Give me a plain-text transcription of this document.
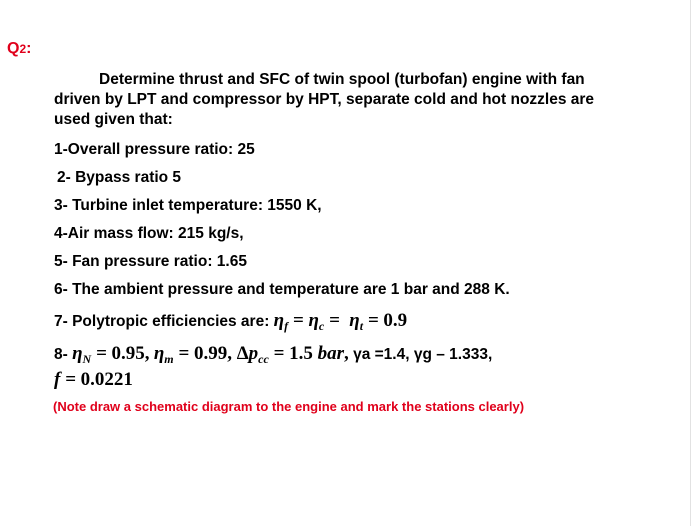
Q2:
Determine thrust and SFC of twin spool (turbofan) engine with fan
driven by LPT and compressor by HPT, separate cold and hot nozzles are
used given that:
1-Overall pressure ratio: 25
2- Bypass ratio 5
3- Turbine inlet temperature: 1550 K,
4-Air mass flow: 215 kg/s,
5- Fan pressure ratio: 1.65
6- The ambient pressure and temperature are 1 bar and 288 K.
7- Polytropic efficiencies are: $\eta_f = \eta_c = \eta_t = 0.9$
8- $\eta_N = 0.95$, $\eta_m = 0.99$, $\Delta p_{cc} = 1.5$ bar, γa =1.4, γg – 1.333,
f = 0.0221
(Note draw a schematic diagram to the engine and mark the stations clearly)
